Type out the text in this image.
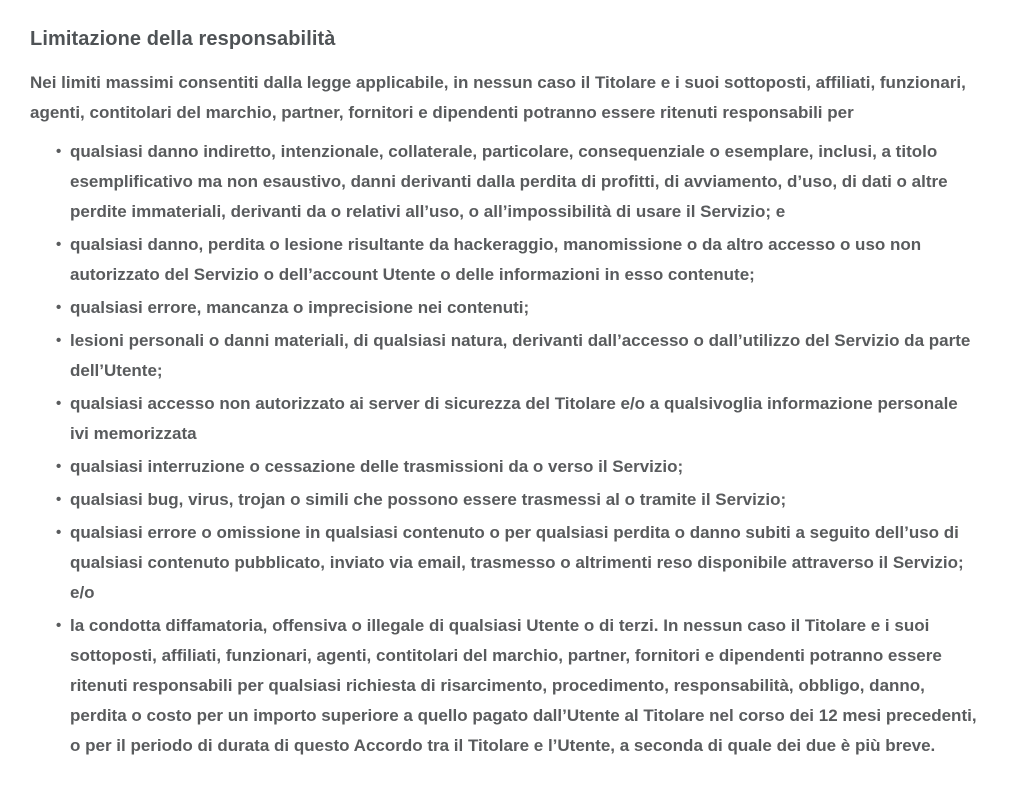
Limitazione della responsabilità

Nei limiti massimi consentiti dalla legge applicabile, in nessun caso il Titolare e i suoi sottoposti, affiliati, funzionari, agenti, contitolari del marchio, partner, fornitori e dipendenti potranno essere ritenuti responsabili per

• qualsiasi danno indiretto, intenzionale, collaterale, particolare, consequenziale o esemplare, inclusi, a titolo esemplificativo ma non esaustivo, danni derivanti dalla perdita di profitti, di avviamento, d’uso, di dati o altre perdite immateriali, derivanti da o relativi all’uso, o all’impossibilità di usare il Servizio; e
• qualsiasi danno, perdita o lesione risultante da hackeraggio, manomissione o da altro accesso o uso non autorizzato del Servizio o dell’account Utente o delle informazioni in esso contenute;
• qualsiasi errore, mancanza o imprecisione nei contenuti;
• lesioni personali o danni materiali, di qualsiasi natura, derivanti dall’accesso o dall’utilizzo del Servizio da parte dell’Utente;
• qualsiasi accesso non autorizzato ai server di sicurezza del Titolare e/o a qualsivoglia informazione personale ivi memorizzata
• qualsiasi interruzione o cessazione delle trasmissioni da o verso il Servizio;
• qualsiasi bug, virus, trojan o simili che possono essere trasmessi al o tramite il Servizio;
• qualsiasi errore o omissione in qualsiasi contenuto o per qualsiasi perdita o danno subiti a seguito dell’uso di qualsiasi contenuto pubblicato, inviato via email, trasmesso o altrimenti reso disponibile attraverso il Servizio; e/o
• la condotta diffamatoria, offensiva o illegale di qualsiasi Utente o di terzi. In nessun caso il Titolare e i suoi sottoposti, affiliati, funzionari, agenti, contitolari del marchio, partner, fornitori e dipendenti potranno essere ritenuti responsabili per qualsiasi richiesta di risarcimento, procedimento, responsabilità, obbligo, danno, perdita o costo per un importo superiore a quello pagato dall’Utente al Titolare nel corso dei 12 mesi precedenti, o per il periodo di durata di questo Accordo tra il Titolare e l’Utente, a seconda di quale dei due è più breve.
